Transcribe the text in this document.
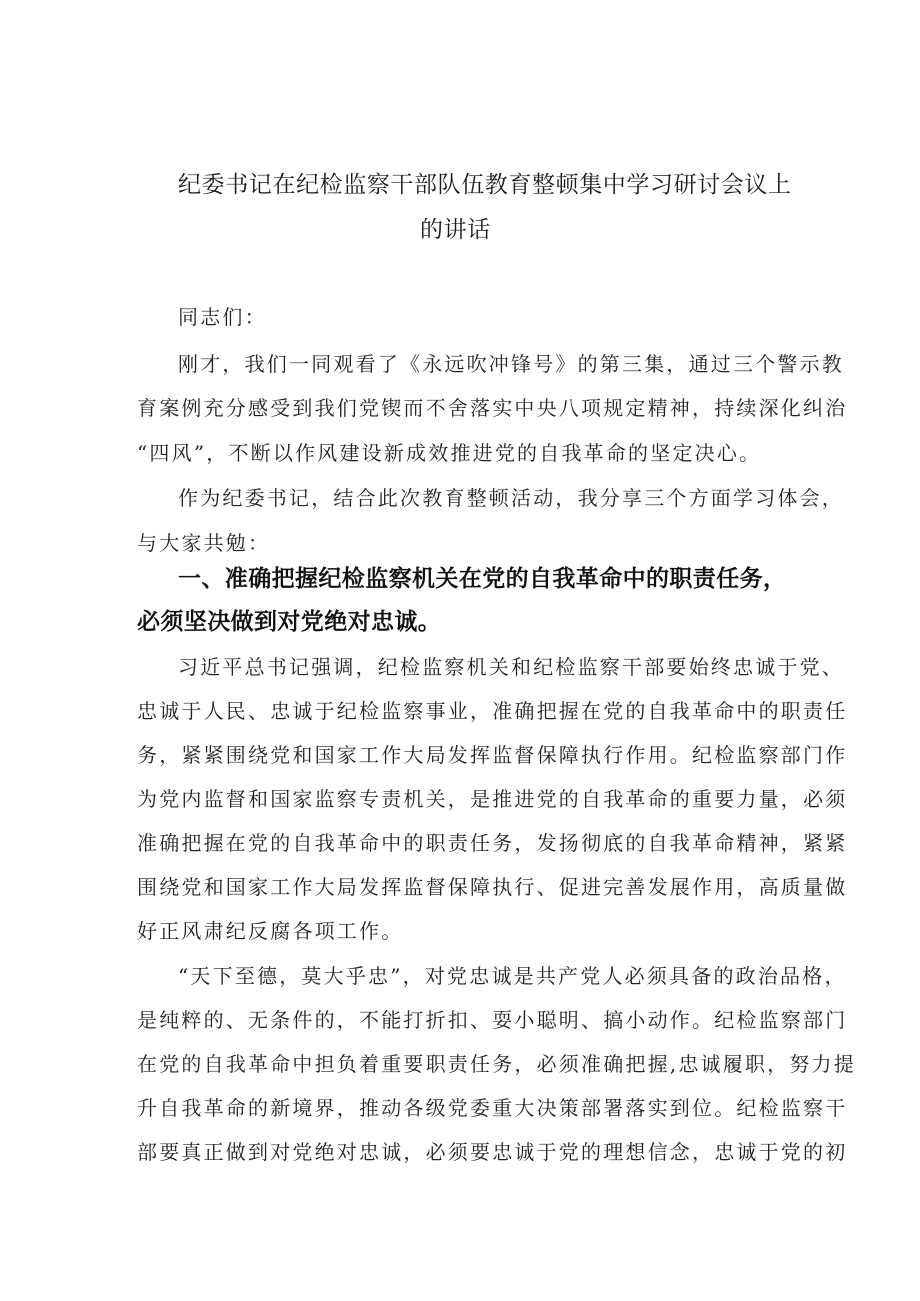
纪委书记在纪检监察干部队伍教育整顿集中学习研讨会议上
的讲话
同志们：
刚才，我们一同观看了《永远吹冲锋号》的第三集，通过三个警示教
育案例充分感受到我们党锲而不舍落实中央八项规定精神，持续深化纠治
“四风”，不断以作风建设新成效推进党的自我革命的坚定决心。
作为纪委书记，结合此次教育整顿活动，我分享三个方面学习体会，
与大家共勉：
一、准确把握纪检监察机关在党的自我革命中的职责任务，
必须坚决做到对党绝对忠诚。
习近平总书记强调，纪检监察机关和纪检监察干部要始终忠诚于党、
忠诚于人民、忠诚于纪检监察事业，准确把握在党的自我革命中的职责任
务，紧紧围绕党和国家工作大局发挥监督保障执行作用。纪检监察部门作
为党内监督和国家监察专责机关，是推进党的自我革命的重要力量，必须
准确把握在党的自我革命中的职责任务，发扬彻底的自我革命精神，紧紧
围绕党和国家工作大局发挥监督保障执行、促进完善发展作用，高质量做
好正风肃纪反腐各项工作。
“天下至德，莫大乎忠”，对党忠诚是共产党人必须具备的政治品格，
是纯粹的、无条件的，不能打折扣、耍小聪明、搞小动作。纪检监察部门
在党的自我革命中担负着重要职责任务，必须准确把握,忠诚履职，努力提
升自我革命的新境界，推动各级党委重大决策部署落实到位。纪检监察干
部要真正做到对党绝对忠诚，必须要忠诚于党的理想信念，忠诚于党的初
